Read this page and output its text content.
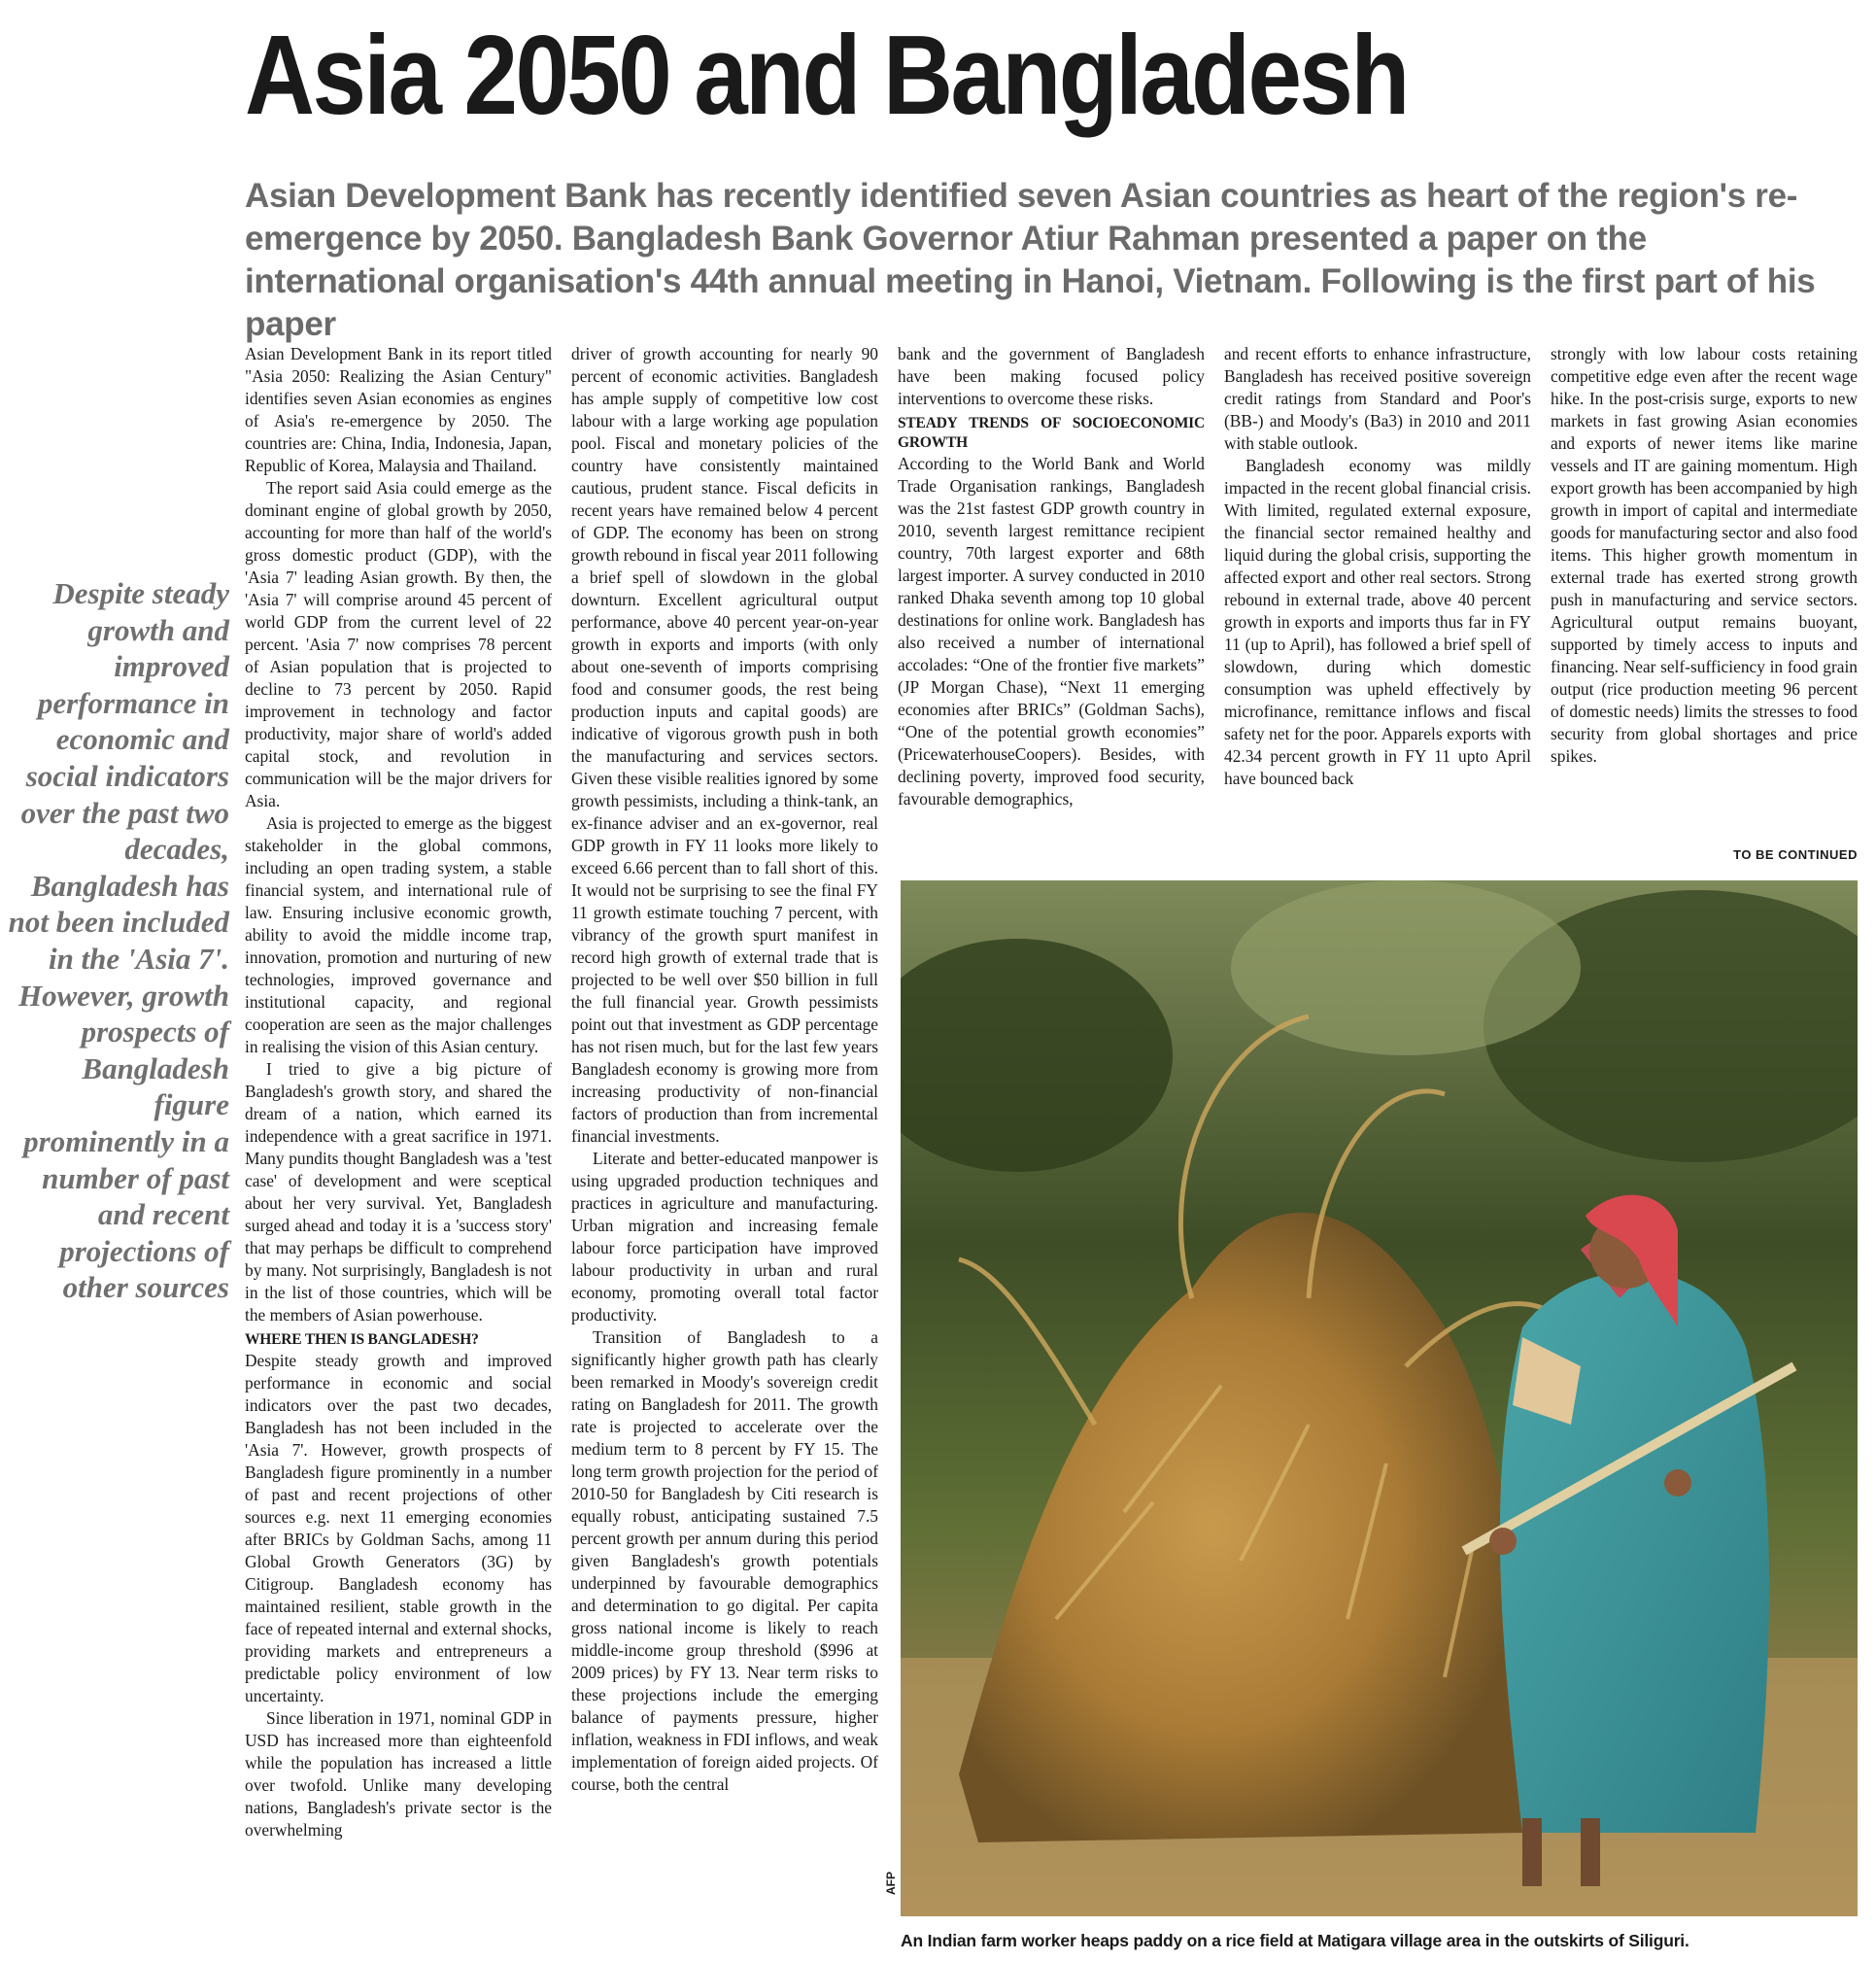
Asia 2050 and Bangladesh
Asian Development Bank has recently identified seven Asian countries as heart of the region's re-emergence by 2050. Bangladesh Bank Governor Atiur Rahman presented a paper on the international organisation's 44th annual meeting in Hanoi, Vietnam. Following is the first part of his paper
Despite steady growth and improved performance in economic and social indicators over the past two decades, Bangladesh has not been included in the 'Asia 7'. However, growth prospects of Bangladesh figure prominently in a number of past and recent projections of other sources

Asian Development Bank in its report titled "Asia 2050: Realizing the Asian Century" identifies seven Asian economies as engines of Asia's re-emergence by 2050. The countries are: China, India, Indonesia, Japan, Republic of Korea, Malaysia and Thailand.

The report said Asia could emerge as the dominant engine of global growth by 2050, accounting for more than half of the world's gross domestic product (GDP), with the 'Asia 7' leading Asian growth. By then, the 'Asia 7' will comprise around 45 percent of world GDP from the current level of 22 percent. 'Asia 7' now comprises 78 percent of Asian population that is projected to decline to 73 percent by 2050. Rapid improvement in technology and factor productivity, major share of world's added capital stock, and revolution in communication will be the major drivers for Asia.

Asia is projected to emerge as the biggest stakeholder in the global commons, including an open trading system, a stable financial system, and international rule of law. Ensuring inclusive economic growth, ability to avoid the middle income trap, innovation, promotion and nurturing of new technologies, improved governance and institutional capacity, and regional cooperation are seen as the major challenges in realising the vision of this Asian century.

I tried to give a big picture of Bangladesh's growth story, and shared the dream of a nation, which earned its independence with a great sacrifice in 1971. Many pundits thought Bangladesh was a 'test case' of development and were sceptical about her very survival. Yet, Bangladesh surged ahead and today it is a 'success story' that may perhaps be difficult to comprehend by many. Not surprisingly, Bangladesh is not in the list of those countries, which will be the members of Asian powerhouse.

WHERE THEN IS BANGLADESH?

Despite steady growth and improved performance in economic and social indicators over the past two decades, Bangladesh has not been included in the 'Asia 7'. However, growth prospects of Bangladesh figure prominently in a number of past and recent projections of other sources e.g. next 11 emerging economies after BRICs by Goldman Sachs, among 11 Global Growth Generators (3G) by Citigroup. Bangladesh economy has maintained resilient, stable growth in the face of repeated internal and external shocks, providing markets and entrepreneurs a predictable policy environment of low uncertainty.

Since liberation in 1971, nominal GDP in USD has increased more than eighteenfold while the population has increased a little over twofold. Unlike many developing nations, Bangladesh's private sector is the overwhelming

driver of growth accounting for nearly 90 percent of economic activities. Bangladesh has ample supply of competitive low cost labour with a large working age population pool. Fiscal and monetary policies of the country have consistently maintained cautious, prudent stance. Fiscal deficits in recent years have remained below 4 percent of GDP. The economy has been on strong growth rebound in fiscal year 2011 following a brief spell of slowdown in the global downturn. Excellent agricultural output performance, above 40 percent year-on-year growth in exports and imports (with only about one-seventh of imports comprising food and consumer goods, the rest being production inputs and capital goods) are indicative of vigorous growth push in both the manufacturing and services sectors. Given these visible realities ignored by some growth pessimists, including a think-tank, an ex-finance adviser and an ex-governor, real GDP growth in FY 11 looks more likely to exceed 6.66 percent than to fall short of this. It would not be surprising to see the final FY 11 growth estimate touching 7 percent, with vibrancy of the growth spurt manifest in record high growth of external trade that is projected to be well over $50 billion in full the full financial year. Growth pessimists point out that investment as GDP percentage has not risen much, but for the last few years Bangladesh economy is growing more from increasing productivity of non-financial factors of production than from incremental financial investments.

Literate and better-educated manpower is using upgraded production techniques and practices in agriculture and manufacturing. Urban migration and increasing female labour force participation have improved labour productivity in urban and rural economy, promoting overall total factor productivity.

Transition of Bangladesh to a significantly higher growth path has clearly been remarked in Moody's sovereign credit rating on Bangladesh for 2011. The growth rate is projected to accelerate over the medium term to 8 percent by FY 15. The long term growth projection for the period of 2010-50 for Bangladesh by Citi research is equally robust, anticipating sustained 7.5 percent growth per annum during this period given Bangladesh's growth potentials underpinned by favourable demographics and determination to go digital. Per capita gross national income is likely to reach middle-income group threshold ($996 at 2009 prices) by FY 13. Near term risks to these projections include the emerging balance of payments pressure, higher inflation, weakness in FDI inflows, and weak implementation of foreign aided projects. Of course, both the central

bank and the government of Bangladesh have been making focused policy interventions to overcome these risks.

STEADY TRENDS OF SOCIOECONOMIC GROWTH

According to the World Bank and World Trade Organisation rankings, Bangladesh was the 21st fastest GDP growth country in 2010, seventh largest remittance recipient country, 70th largest exporter and 68th largest importer. A survey conducted in 2010 ranked Dhaka seventh among top 10 global destinations for online work. Bangladesh has also received a number of international accolades: “One of the frontier five markets” (JP Morgan Chase), “Next 11 emerging economies after BRICs” (Goldman Sachs), “One of the potential growth economies” (PricewaterhouseCoopers). Besides, with declining poverty, improved food security, favourable demographics,

and recent efforts to enhance infrastructure, Bangladesh has received positive sovereign credit ratings from Standard and Poor's (BB-) and Moody's (Ba3) in 2010 and 2011 with stable outlook.

Bangladesh economy was mildly impacted in the recent global financial crisis. With limited, regulated external exposure, the financial sector remained healthy and liquid during the global crisis, supporting the affected export and other real sectors. Strong rebound in external trade, above 40 percent growth in exports and imports thus far in FY 11 (up to April), has followed a brief spell of slowdown, during which domestic consumption was upheld effectively by microfinance, remittance inflows and fiscal safety net for the poor. Apparels exports with 42.34 percent growth in FY 11 upto April have bounced back

strongly with low labour costs retaining competitive edge even after the recent wage hike. In the post-crisis surge, exports to new markets in fast growing Asian economies and exports of newer items like marine vessels and IT are gaining momentum. High export growth has been accompanied by high growth in import of capital and intermediate goods for manufacturing sector and also food items. This higher growth momentum in external trade has exerted strong growth push in manufacturing and service sectors. Agricultural output remains buoyant, supported by timely access to inputs and financing. Near self-sufficiency in food grain output (rice production meeting 96 percent of domestic needs) limits the stresses to food security from global shortages and price spikes.

TO BE CONTINUED
AFP
An Indian farm worker heaps paddy on a rice field at Matigara village area in the outskirts of Siliguri.
